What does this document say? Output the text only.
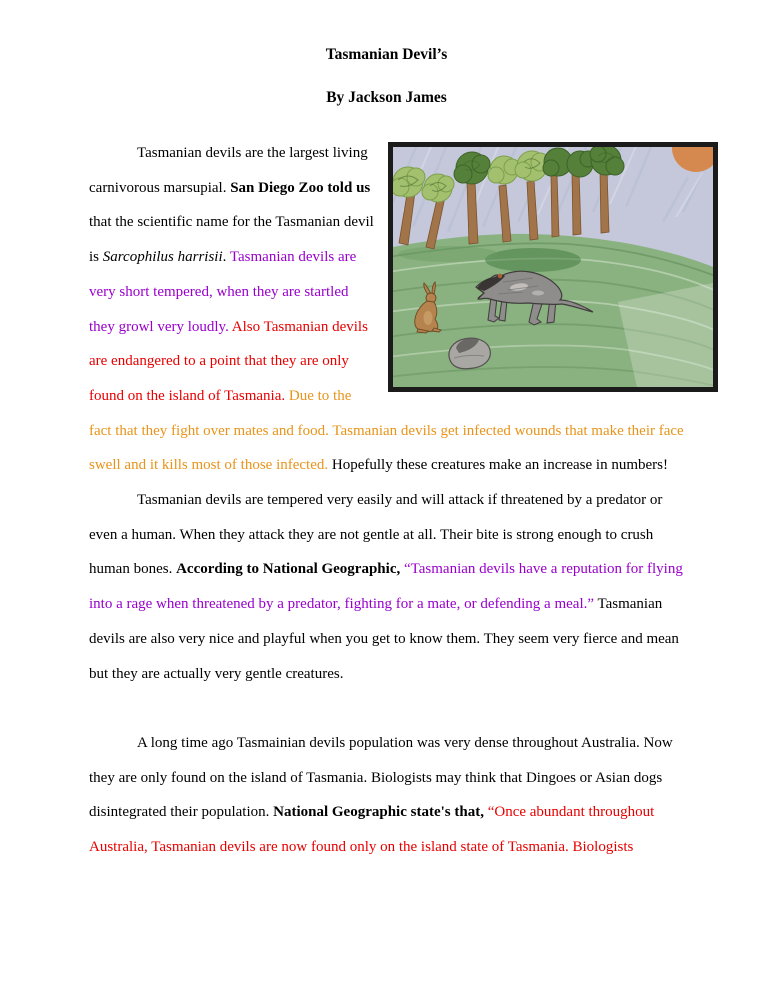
Tasmanian Devil’s
By Jackson James

Tasmanian devils are the largest living carnivorous marsupial. San Diego Zoo told us that the scientific name for the Tasmanian devil is Sarcophilus harrisii. Tasmanian devils are very short tempered, when they are startled they growl very loudly. Also Tasmanian devils are endangered to a point that they are only found on the island of Tasmania. Due to the fact that they fight over mates and food. Tasmanian devils get infected wounds that make their face swell and it kills most of those infected. Hopefully these creatures make an increase in numbers!

Tasmanian devils are tempered very easily and will attack if threatened by a predator or even a human. When they attack they are not gentle at all. Their bite is strong enough to crush human bones. According to National Geographic, “Tasmanian devils have a reputation for flying into a rage when threatened by a predator, fighting for a mate, or defending a meal.” Tasmanian devils are also very nice and playful when you get to know them. They seem very fierce and mean but they are actually very gentle creatures.

A long time ago Tasmainian devils population was very dense throughout Australia. Now they are only found on the island of Tasmania. Biologists may think that Dingoes or Asian dogs disintegrated their population. National Geographic state's that, “Once abundant throughout Australia, Tasmanian devils are now found only on the island state of Tasmania. Biologists
